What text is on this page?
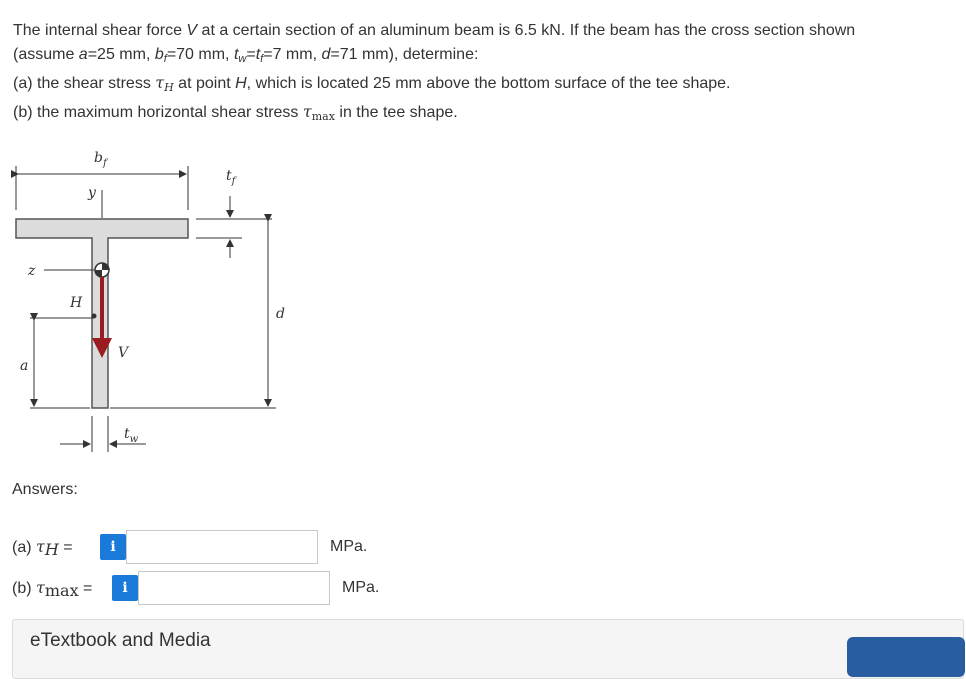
The internal shear force V at a certain section of an aluminum beam is 6.5 kN. If the beam has the cross section shown

(assume a=25 mm, bf=70 mm, tw=tf=7 mm, d=71 mm), determine:

(a) the shear stress τH at point H, which is located 25 mm above the bottom surface of the tee shape.

(b) the maximum horizontal shear stress $\tau_{max}$ in the tee shape.

$b_f$
y
$t_f$
d
z
V
H
a
$t_w$
Answers:
(a) τH =	i	MPa.
(b) τmax =	i	MPa.
eTextbook and Media
